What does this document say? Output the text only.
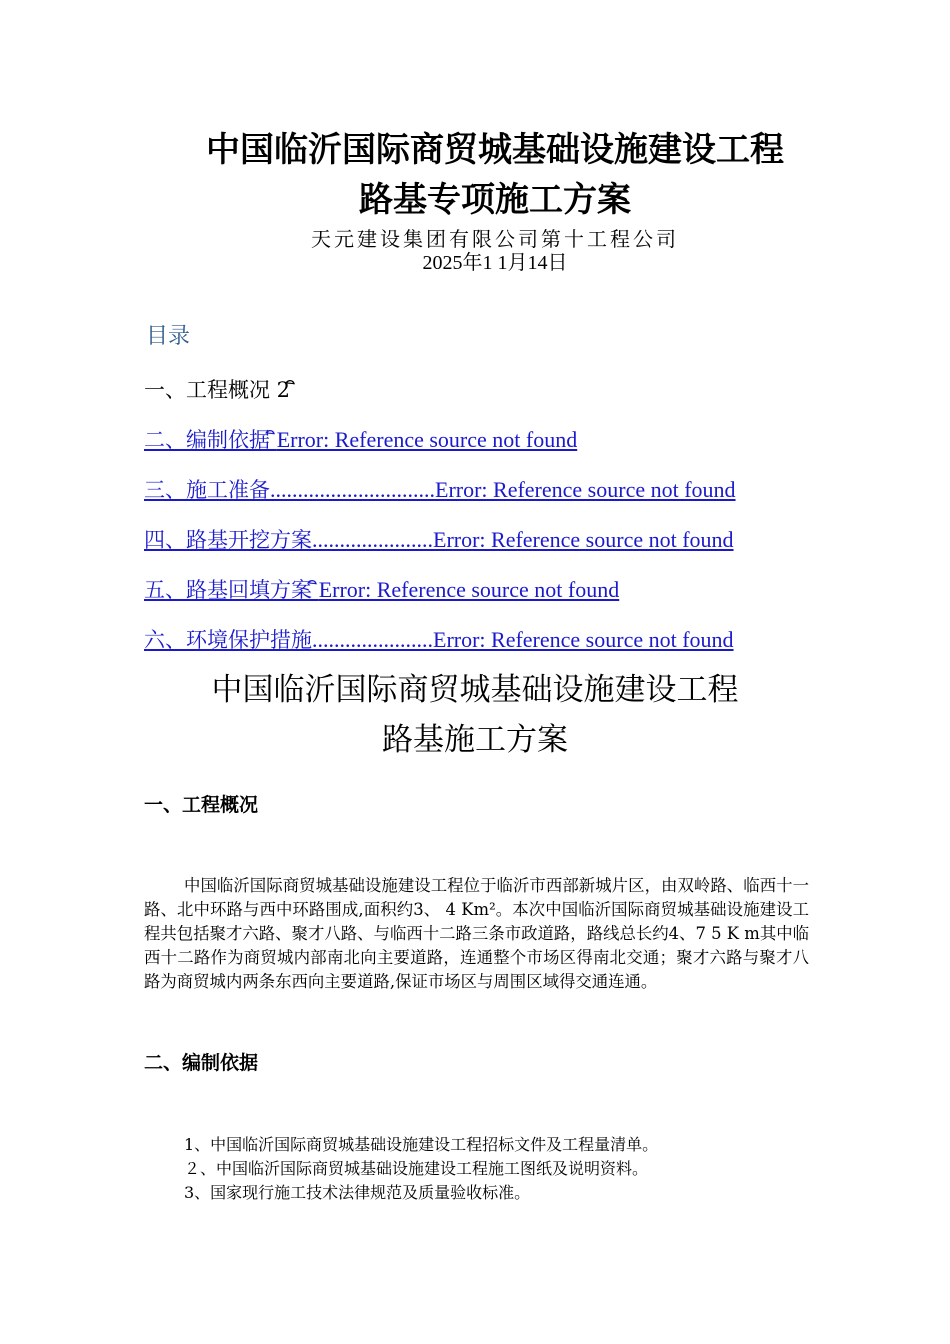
中国临沂国际商贸城基础设施建设工程
路基专项施工方案
天元建设集团有限公司第十工程公司
2025年1 1月14日
目录
一、工程概况 2
二、编制依据 Error: Reference source not found
三、施工准备..............................Error: Reference source not found
四、路基开挖方案......................Error: Reference source not found
五、路基回填方案 Error: Reference source not found
六、环境保护措施......................Error: Reference source not found
中国临沂国际商贸城基础设施建设工程
路基施工方案
一、工程概况

中国临沂国际商贸城基础设施建设工程位于临沂市西部新城片区，由双岭路、临西十一路、北中环路与西中环路围成,面积约3、 4 Km²。本次中国临沂国际商贸城基础设施建设工程共包括聚才六路、聚才八路、与临西十二路三条市政道路，路线总长约4、7 5 K m其中临西十二路作为商贸城内部南北向主要道路，连通整个市场区得南北交通；聚才六路与聚才八路为商贸城内两条东西向主要道路,保证市场区与周围区域得交通连通。

二、编制依据

1、中国临沂国际商贸城基础设施建设工程招标文件及工程量清单。

２、中国临沂国际商贸城基础设施建设工程施工图纸及说明资料。

3、国家现行施工技术法律规范及质量验收标准。
